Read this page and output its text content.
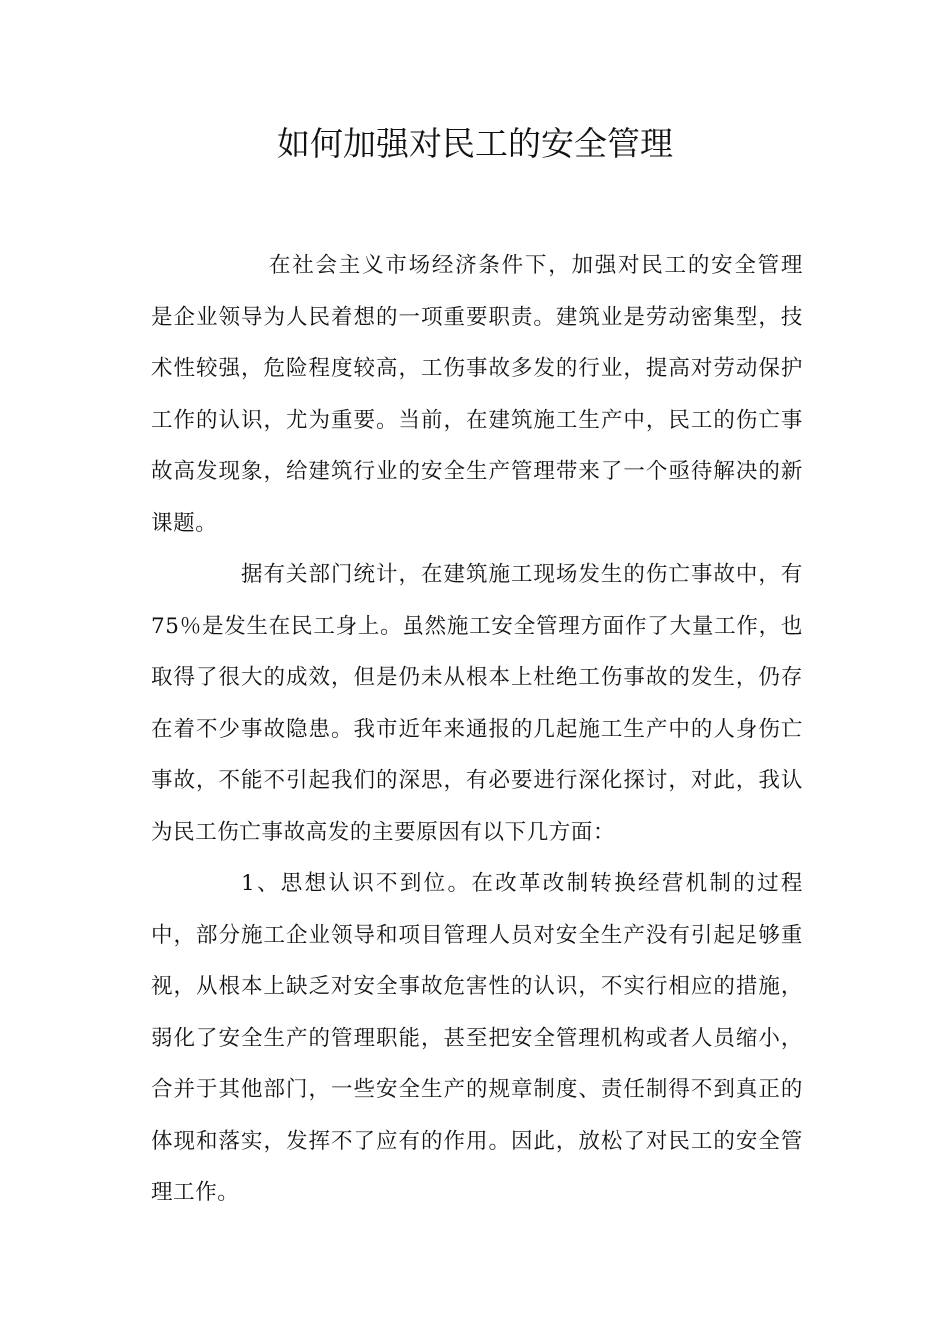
如何加强对民工的安全管理
在社会主义市场经济条件下，加强对民工的安全管理
是企业领导为人民着想的一项重要职责。建筑业是劳动密集型，技
术性较强，危险程度较高，工伤事故多发的行业，提高对劳动保护
工作的认识，尤为重要。当前，在建筑施工生产中，民工的伤亡事
故高发现象，给建筑行业的安全生产管理带来了一个亟待解决的新
课题。
据有关部门统计，在建筑施工现场发生的伤亡事故中，有
75％是发生在民工身上。虽然施工安全管理方面作了大量工作，也
取得了很大的成效，但是仍未从根本上杜绝工伤事故的发生，仍存
在着不少事故隐患。我市近年来通报的几起施工生产中的人身伤亡
事故，不能不引起我们的深思，有必要进行深化探讨，对此，我认
为民工伤亡事故高发的主要原因有以下几方面：
1、思想认识不到位。在改革改制转换经营机制的过程
中，部分施工企业领导和项目管理人员对安全生产没有引起足够重
视，从根本上缺乏对安全事故危害性的认识，不实行相应的措施，
弱化了安全生产的管理职能，甚至把安全管理机构或者人员缩小，
合并于其他部门，一些安全生产的规章制度、责任制得不到真正的
体现和落实，发挥不了应有的作用。因此，放松了对民工的安全管
理工作。
